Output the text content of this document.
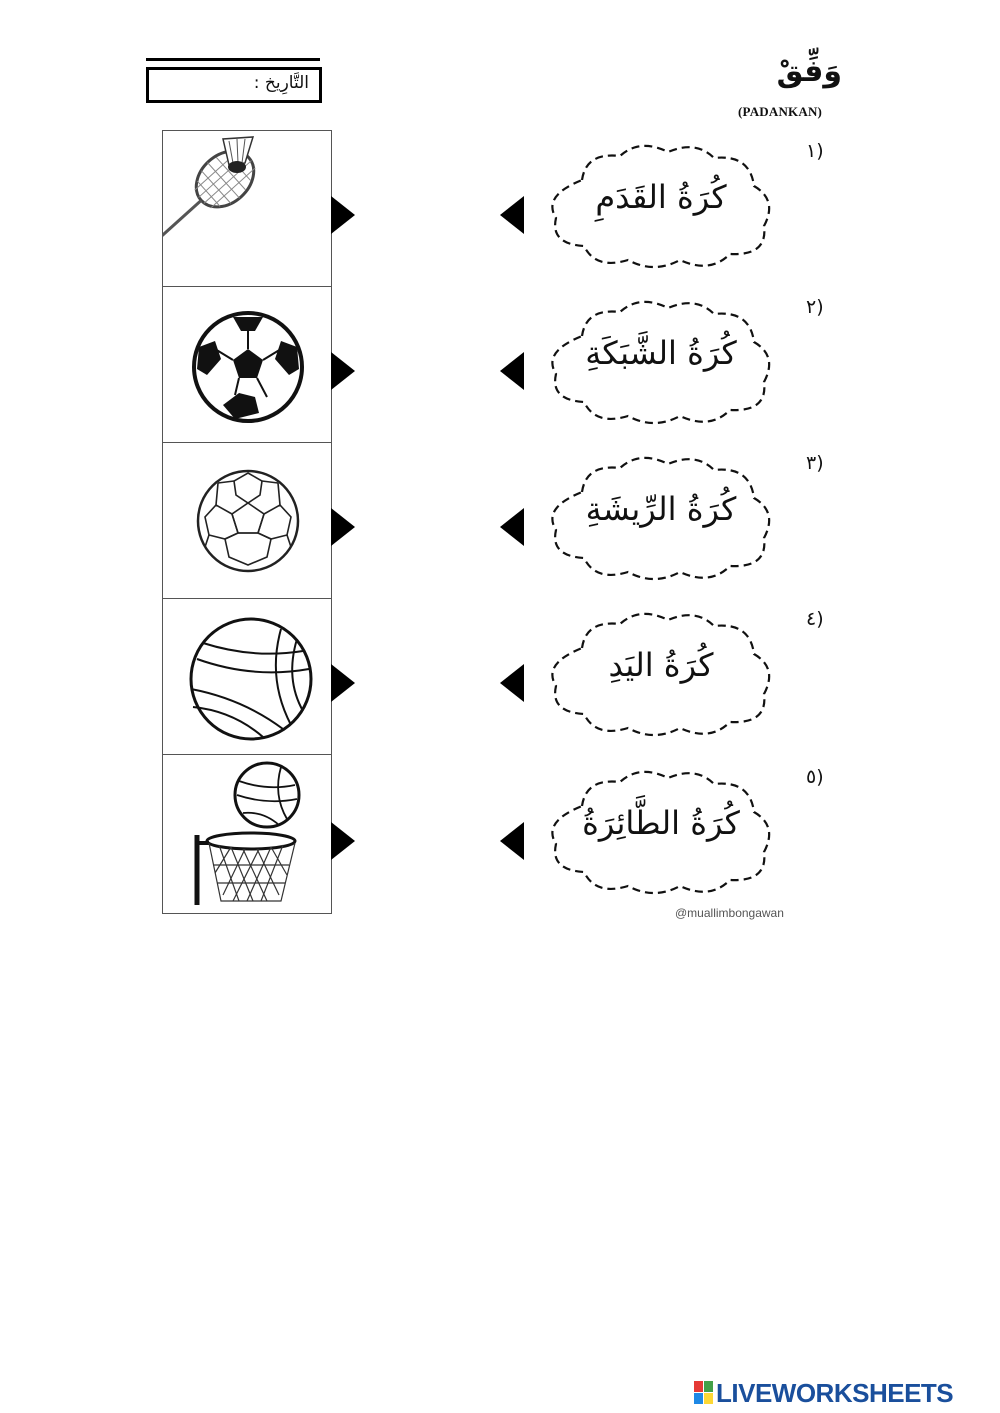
التَّارِيخ :	وَفِّقْ
(PADANKAN)
١)
٢)
٣)
٤)
٥)
كُرَةُ القَدَمِ
كُرَةُ الشَّبَكَةِ
كُرَةُ الرِّيشَةِ
كُرَةُ اليَدِ
كُرَةُ الطَّائِرَةُ
@muallimbongawan
LIVEWORKSHEETS
